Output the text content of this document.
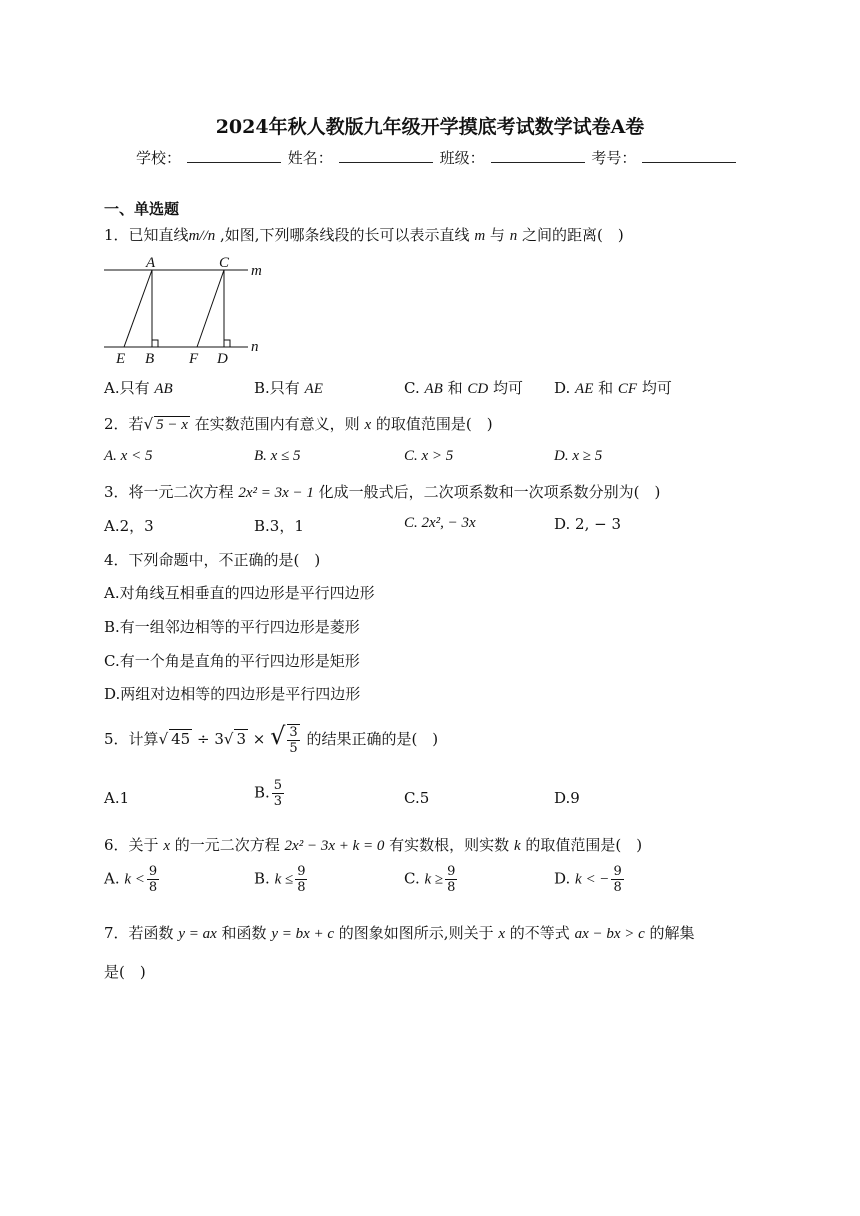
2024年秋人教版九年级开学摸底考试数学试卷A卷
学校：	姓名：	班级：	考号：
一、单选题
1．已知直线m//n ,如图,下列哪条线段的长可以表示直线 m 与 n 之间的距离(　)
A	C m
n
E B F D
A.只有 AB	B.只有 AE	C. AB 和 CD 均可 D. AE 和 CF 均可
2．若√ 5 − x 在实数范围内有意义，则 x 的取值范围是(　)
A. x < 5	B. x ≤ 5	C. x > 5	D. x ≥ 5
3．将一元二次方程 2x² = 3x − 1 化成一般式后，二次项系数和一次项系数分别为(　)
A.2，3	B.3，1	C. 2x², − 3x	D. 2, − 3
4．下列命题中，不正确的是(　)
A.对角线互相垂直的四边形是平行四边形
B.有一组邻边相等的平行四边形是菱形
C.有一个角是直角的平行四边形是矩形
D.两组对边相等的四边形是平行四边形
5．计算√ 45 ÷ 3√ 3 × √ $\frac{3}{5}$ 的结果正确的是(　)
A.1	B. $\frac{5}{3}$	C.5	D.9
6．关于 x 的一元二次方程 2x² − 3x + k = 0 有实数根，则实数 k 的取值范围是(　)
A. $k < \frac{9}{8}$	B. $k \le \frac{9}{8}$	C. $k \ge \frac{9}{8}$	D. k < − $\frac{9}{8}$
7．若函数 y = ax 和函数 y = bx + c 的图象如图所示,则关于 x 的不等式 ax − bx > c 的解集
是(　)
